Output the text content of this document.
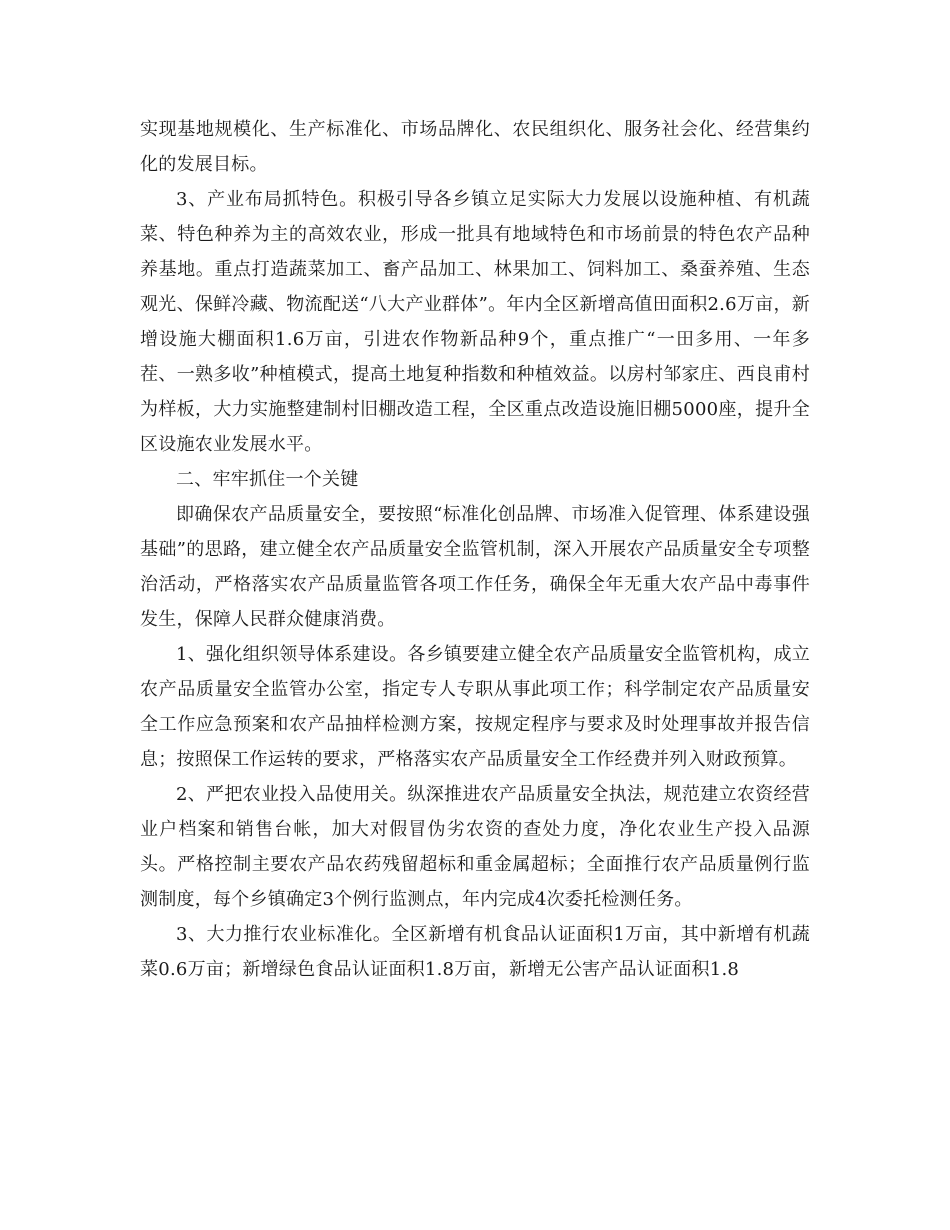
实现基地规模化、生产标准化、市场品牌化、农民组织化、服务社会化、经营集约化的发展目标。

3、产业布局抓特色。积极引导各乡镇立足实际大力发展以设施种植、有机蔬菜、特色种养为主的高效农业，形成一批具有地域特色和市场前景的特色农产品种养基地。重点打造蔬菜加工、畜产品加工、林果加工、饲料加工、桑蚕养殖、生态观光、保鲜冷藏、物流配送“八大产业群体”。年内全区新增高值田面积2.6万亩，新增设施大棚面积1.6万亩，引进农作物新品种9个，重点推广“一田多用、一年多茬、一熟多收”种植模式，提高土地复种指数和种植效益。以房村邹家庄、西良甫村为样板，大力实施整建制村旧棚改造工程，全区重点改造设施旧棚5000座，提升全区设施农业发展水平。

二、牢牢抓住一个关键

即确保农产品质量安全，要按照“标准化创品牌、市场准入促管理、体系建设强基础”的思路，建立健全农产品质量安全监管机制，深入开展农产品质量安全专项整治活动，严格落实农产品质量监管各项工作任务，确保全年无重大农产品中毒事件发生，保障人民群众健康消费。

1、强化组织领导体系建设。各乡镇要建立健全农产品质量安全监管机构，成立农产品质量安全监管办公室，指定专人专职从事此项工作；科学制定农产品质量安全工作应急预案和农产品抽样检测方案，按规定程序与要求及时处理事故并报告信息；按照保工作运转的要求，严格落实农产品质量安全工作经费并列入财政预算。

2、严把农业投入品使用关。纵深推进农产品质量安全执法，规范建立农资经营业户档案和销售台帐，加大对假冒伪劣农资的查处力度，净化农业生产投入品源头。严格控制主要农产品农药残留超标和重金属超标；全面推行农产品质量例行监测制度，每个乡镇确定3个例行监测点，年内完成4次委托检测任务。

3、大力推行农业标准化。全区新增有机食品认证面积1万亩，其中新增有机蔬菜0.6万亩；新增绿色食品认证面积1.8万亩，新增无公害产品认证面积1.8
